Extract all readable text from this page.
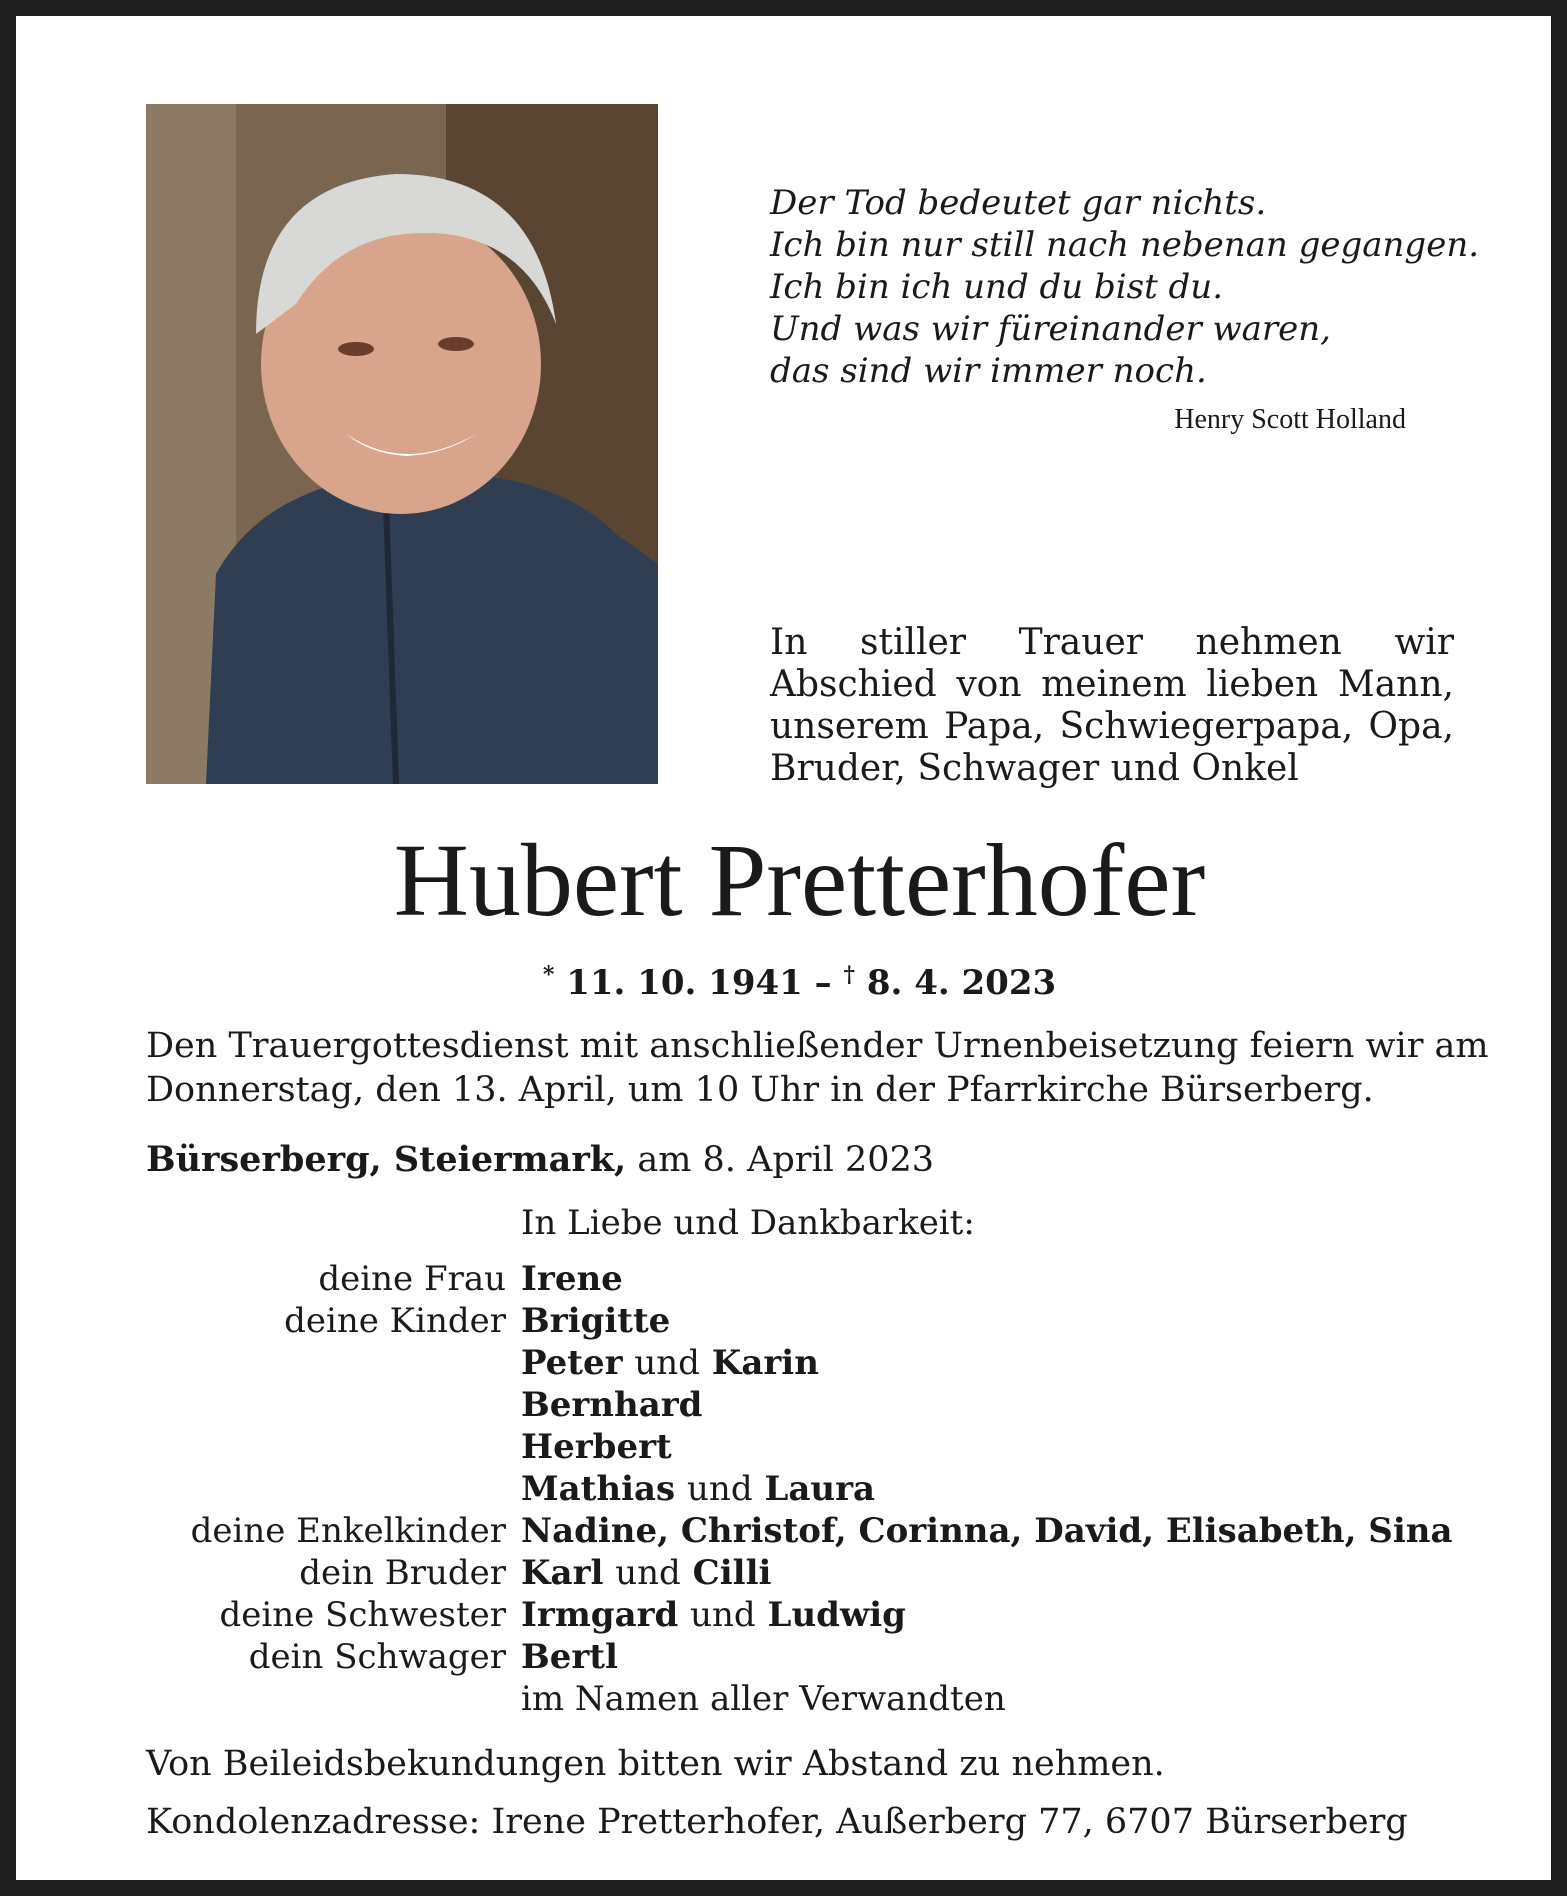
Der Tod bedeutet gar nichts.
Ich bin nur still nach nebenan gegangen.
Ich bin ich und du bist du.
Und was wir füreinander waren,
das sind wir immer noch.
Henry Scott Holland
In stiller Trauer nehmen wir Abschied von meinem lieben Mann, unserem Papa, Schwiegerpapa, Opa, Bruder, Schwager und Onkel
Hubert Pretterhofer
* 11. 10. 1941 – † 8. 4. 2023
Den Trauergottesdienst mit anschließender Urnenbeisetzung feiern wir am
Donnerstag, den 13. April, um 10 Uhr in der Pfarrkirche Bürserberg.
Bürserberg, Steiermark, am 8. April 2023
In Liebe und Dankbarkeit:
deine Frau Irene
deine Kinder Brigitte
Peter und Karin
Bernhard
Herbert
Mathias und Laura
deine Enkelkinder Nadine, Christof, Corinna, David, Elisabeth, Sina
dein Bruder Karl und Cilli
deine Schwester Irmgard und Ludwig
dein Schwager Bertl
im Namen aller Verwandten
Von Beileidsbekundungen bitten wir Abstand zu nehmen.
Kondolenzadresse: Irene Pretterhofer, Außerberg 77, 6707 Bürserberg
